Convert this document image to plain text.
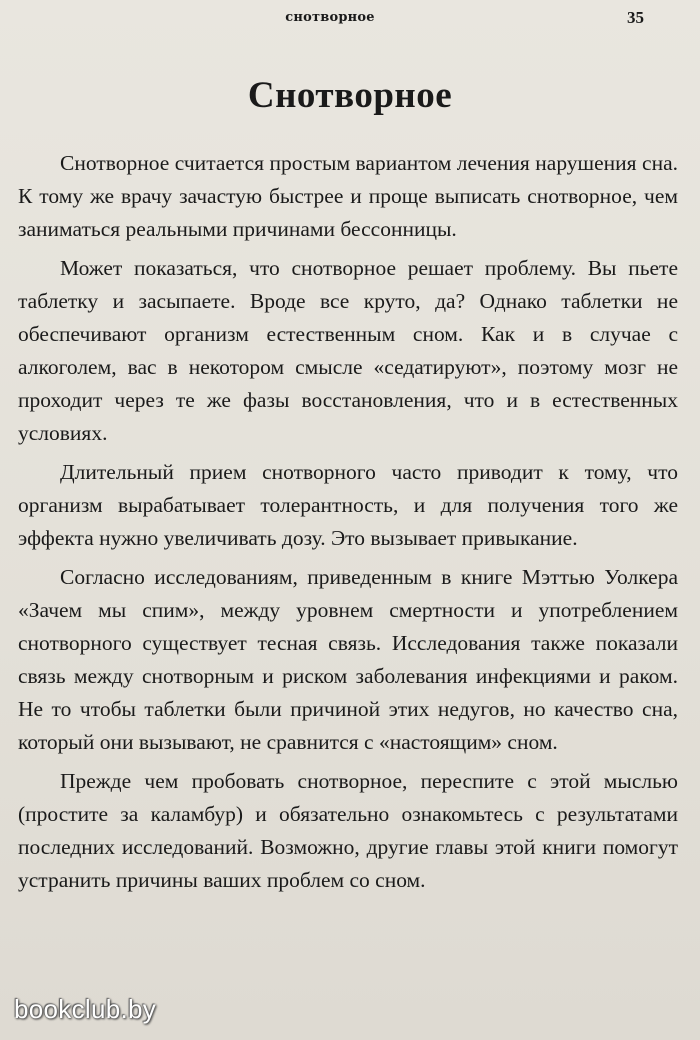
снотворное	35
Снотворное

Снотворное считается простым вариантом лечения нарушения сна. К тому же врачу зачастую быстрее и проще выписать снотворное, чем заниматься реальными причинами бессонницы.

Может показаться, что снотворное решает проблему. Вы пьете таблетку и засыпаете. Вроде все круто, да? Однако таблетки не обеспечивают организм естественным сном. Как и в случае с алкоголем, вас в некотором смысле «седатируют», поэтому мозг не проходит через те же фазы восстановления, что и в естественных условиях.

Длительный прием снотворного часто приводит к тому, что организм вырабатывает толерантность, и для получения того же эффекта нужно увеличивать дозу. Это вызывает привыкание.

Согласно исследованиям, приведенным в книге Мэттью Уолкера «Зачем мы спим», между уровнем смертности и употреблением снотворного существует тесная связь. Исследования также показали связь между снотворным и риском заболевания инфекциями и раком. Не то чтобы таблетки были причиной этих недугов, но качество сна, который они вызывают, не сравнится с «настоящим» сном.

Прежде чем пробовать снотворное, переспите с этой мыслью (простите за каламбур) и обязательно ознакомьтесь с результатами последних исследований. Возможно, другие главы этой книги помогут устранить причины ваших проблем со сном.

bookclub.by
